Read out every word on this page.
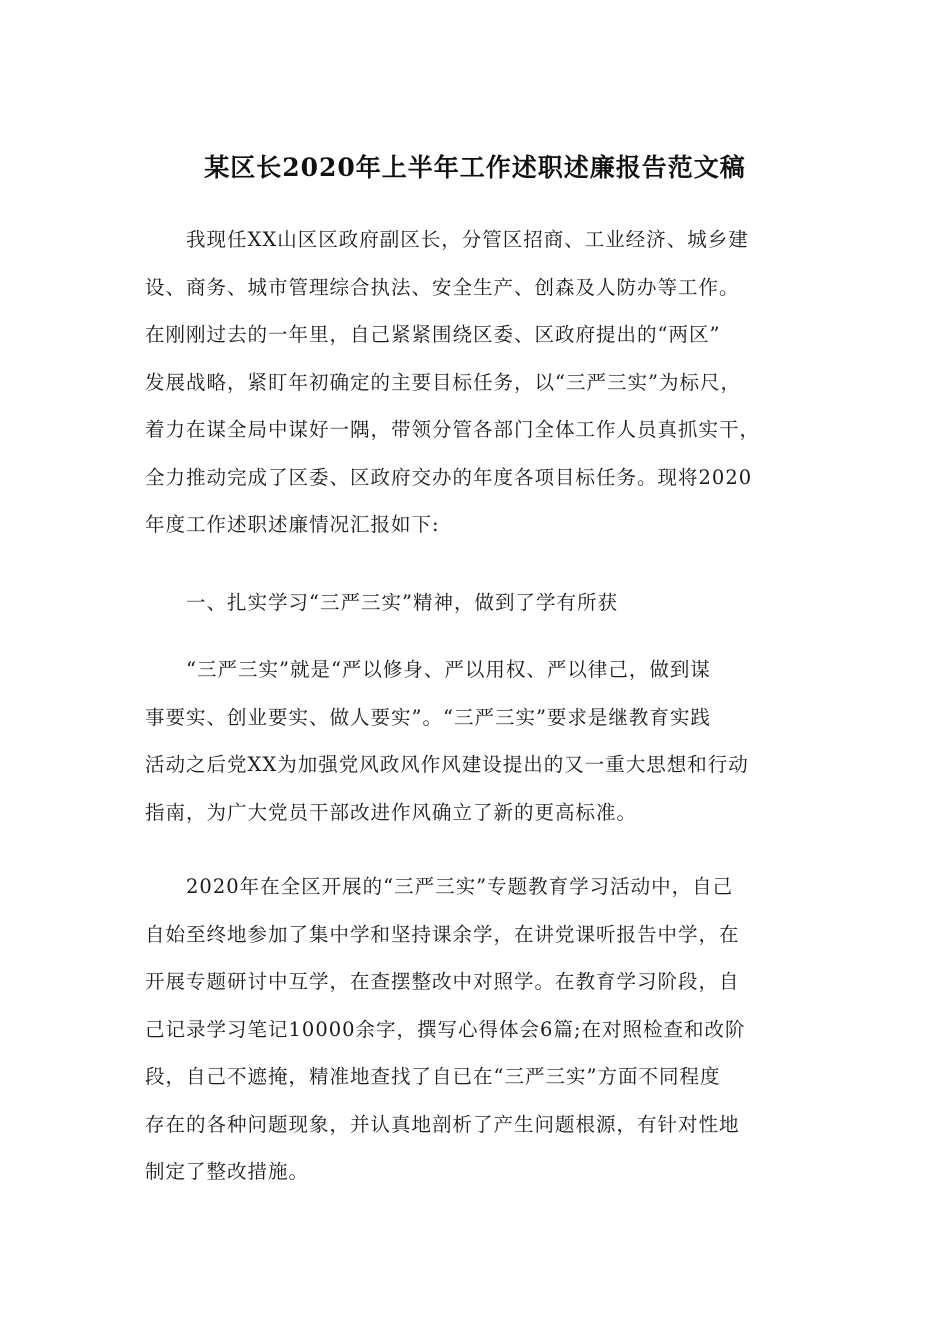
某区长2020年上半年工作述职述廉报告范文稿
我现任XX山区区政府副区长，分管区招商、工业经济、城乡建
设、商务、城市管理综合执法、安全生产、创森及人防办等工作。
在刚刚过去的一年里，自己紧紧围绕区委、区政府提出的“两区”
发展战略，紧盯年初确定的主要目标任务，以“三严三实”为标尺，
着力在谋全局中谋好一隅，带领分管各部门全体工作人员真抓实干，
全力推动完成了区委、区政府交办的年度各项目标任务。现将2020
年度工作述职述廉情况汇报如下:
一、扎实学习“三严三实”精神，做到了学有所获
“三严三实”就是“严以修身、严以用权、严以律己，做到谋
事要实、创业要实、做人要实”。“三严三实”要求是继教育实践
活动之后党XX为加强党风政风作风建设提出的又一重大思想和行动
指南，为广大党员干部改进作风确立了新的更高标准。
2020年在全区开展的“三严三实”专题教育学习活动中，自己
自始至终地参加了集中学和坚持课余学，在讲党课听报告中学，在
开展专题研讨中互学，在查摆整改中对照学。在教育学习阶段，自
己记录学习笔记10000余字，撰写心得体会6篇;在对照检查和改阶
段，自己不遮掩，精准地查找了自已在“三严三实”方面不同程度
存在的各种问题现象，并认真地剖析了产生问题根源，有针对性地
制定了整改措施。
